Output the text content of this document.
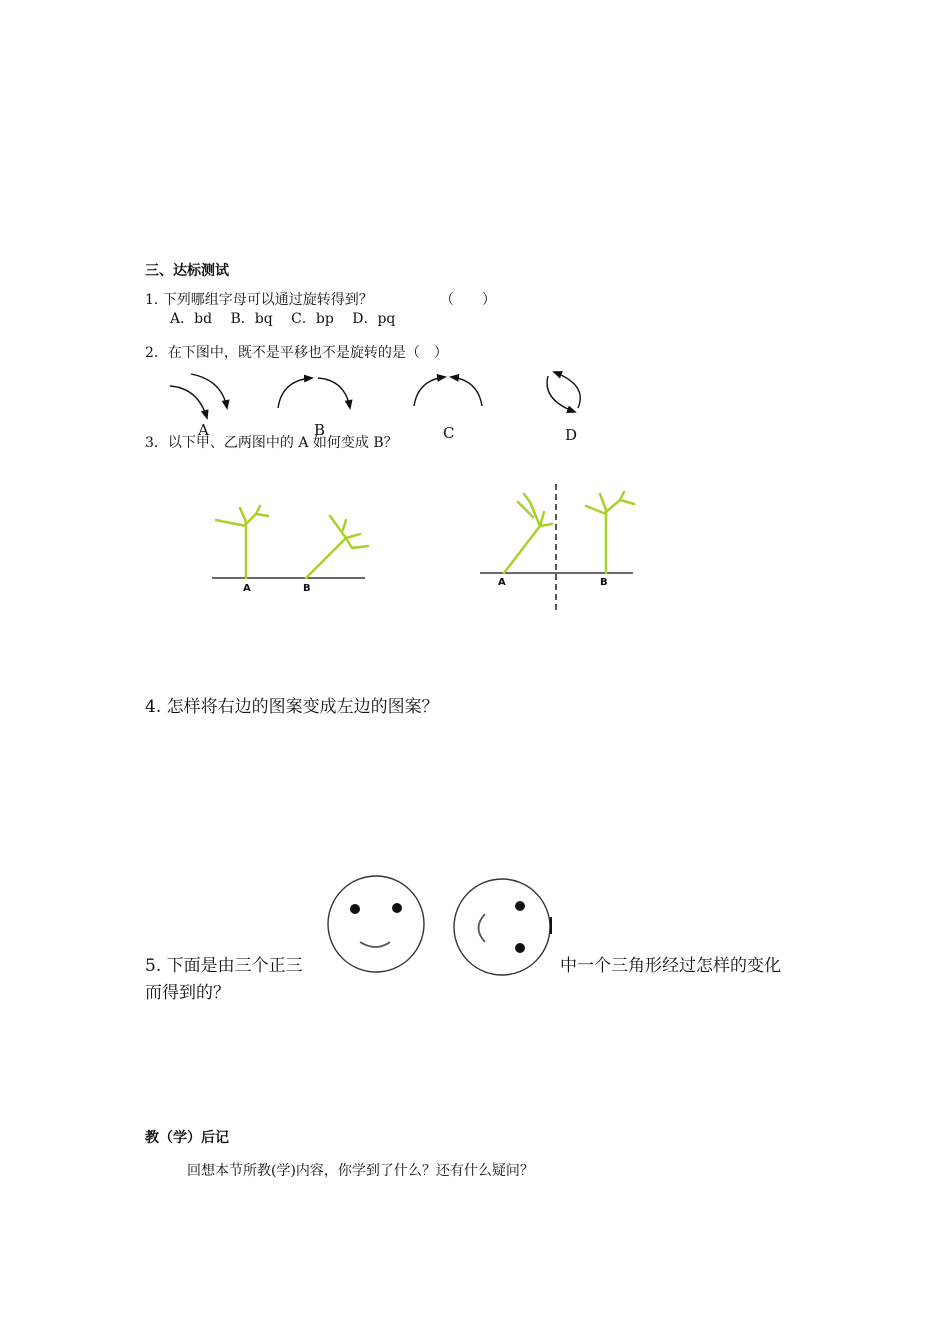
三、达标测试
1. 下列哪组字母可以通过旋转得到？	（　　）
A．bd　 B．bq　 C．bp　 D．pq
2．在下图中，既不是平移也不是旋转的是（　）
A	B	C	D
3．以下甲、乙两图中的 A 如何变成 B？
A	B
A	B
4. 怎样将右边的图案变成左边的图案？
5. 下面是由三个正三	中一个三角形经过怎样的变化
而得到的？
教（学）后记
回想本节所教(学)内容，你学到了什么？还有什么疑问？
